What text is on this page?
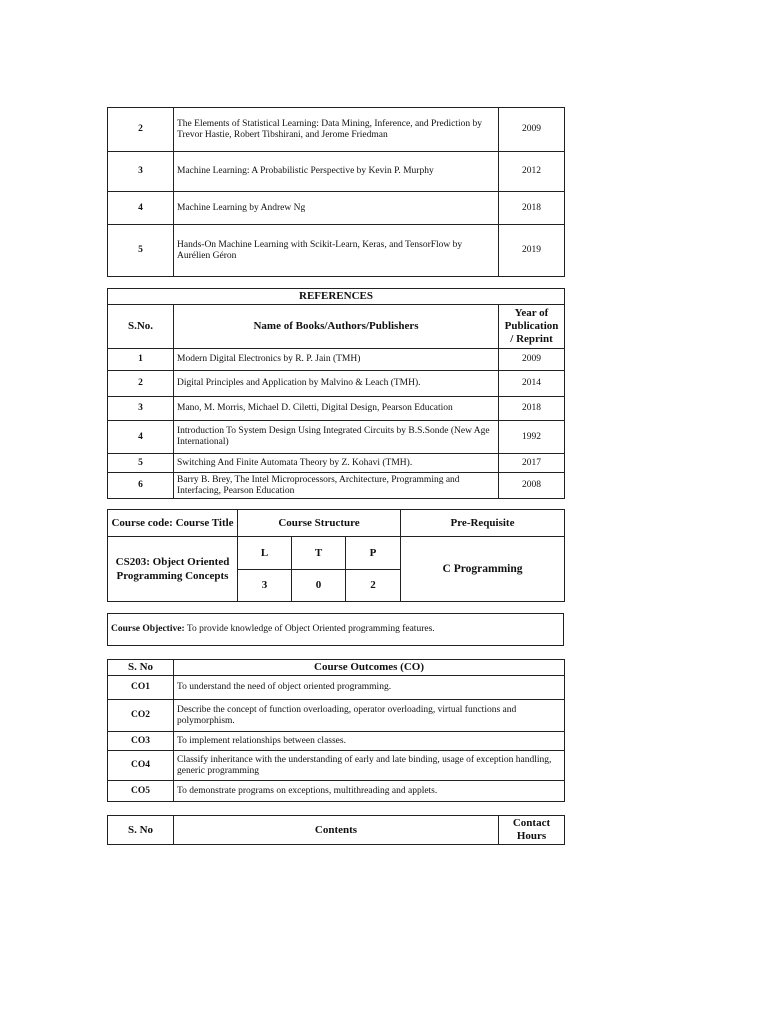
2	The Elements of Statistical Learning: Data Mining, Inference, and Prediction by Trevor Hastie, Robert Tibshirani, and Jerome Friedman	2009
3	Machine Learning: A Probabilistic Perspective by Kevin P. Murphy	2012
4	Machine Learning by Andrew Ng	2018
5	Hands-On Machine Learning with Scikit-Learn, Keras, and TensorFlow by Aurélien Géron	2019
REFERENCES		
S.No.	Name of Books/Authors/Publishers	Year of Publication / Reprint
1	Modern Digital Electronics by R. P. Jain (TMH)	2009
2	Digital Principles and Application by Malvino & Leach (TMH).	2014
3	Mano, M. Morris, Michael D. Ciletti, Digital Design, Pearson Education	2018
4	Introduction To System Design Using Integrated Circuits by B.S.Sonde (New Age International)	1992
5	Switching And Finite Automata Theory by Z. Kohavi (TMH).	2017
6	Barry B. Brey, The Intel Microprocessors, Architecture, Programming and Interfacing, Pearson Education	2008
Course code: Course Title	Course Structure			Pre-Requisite
CS203: Object Oriented Programming Concepts	L	T	P	C Programming
	3	0	2	
Course Objective: To provide knowledge of Object Oriented programming features.
S. No	Course Outcomes (CO)
CO1	To understand the need of object oriented programming.
CO2	Describe the concept of function overloading, operator overloading, virtual functions and polymorphism.
CO3	To implement relationships between classes.
CO4	Classify inheritance with the understanding of early and late binding, usage of exception handling, generic programming
CO5	To demonstrate programs on exceptions, multithreading and applets.
S. No	Contents	Contact Hours
